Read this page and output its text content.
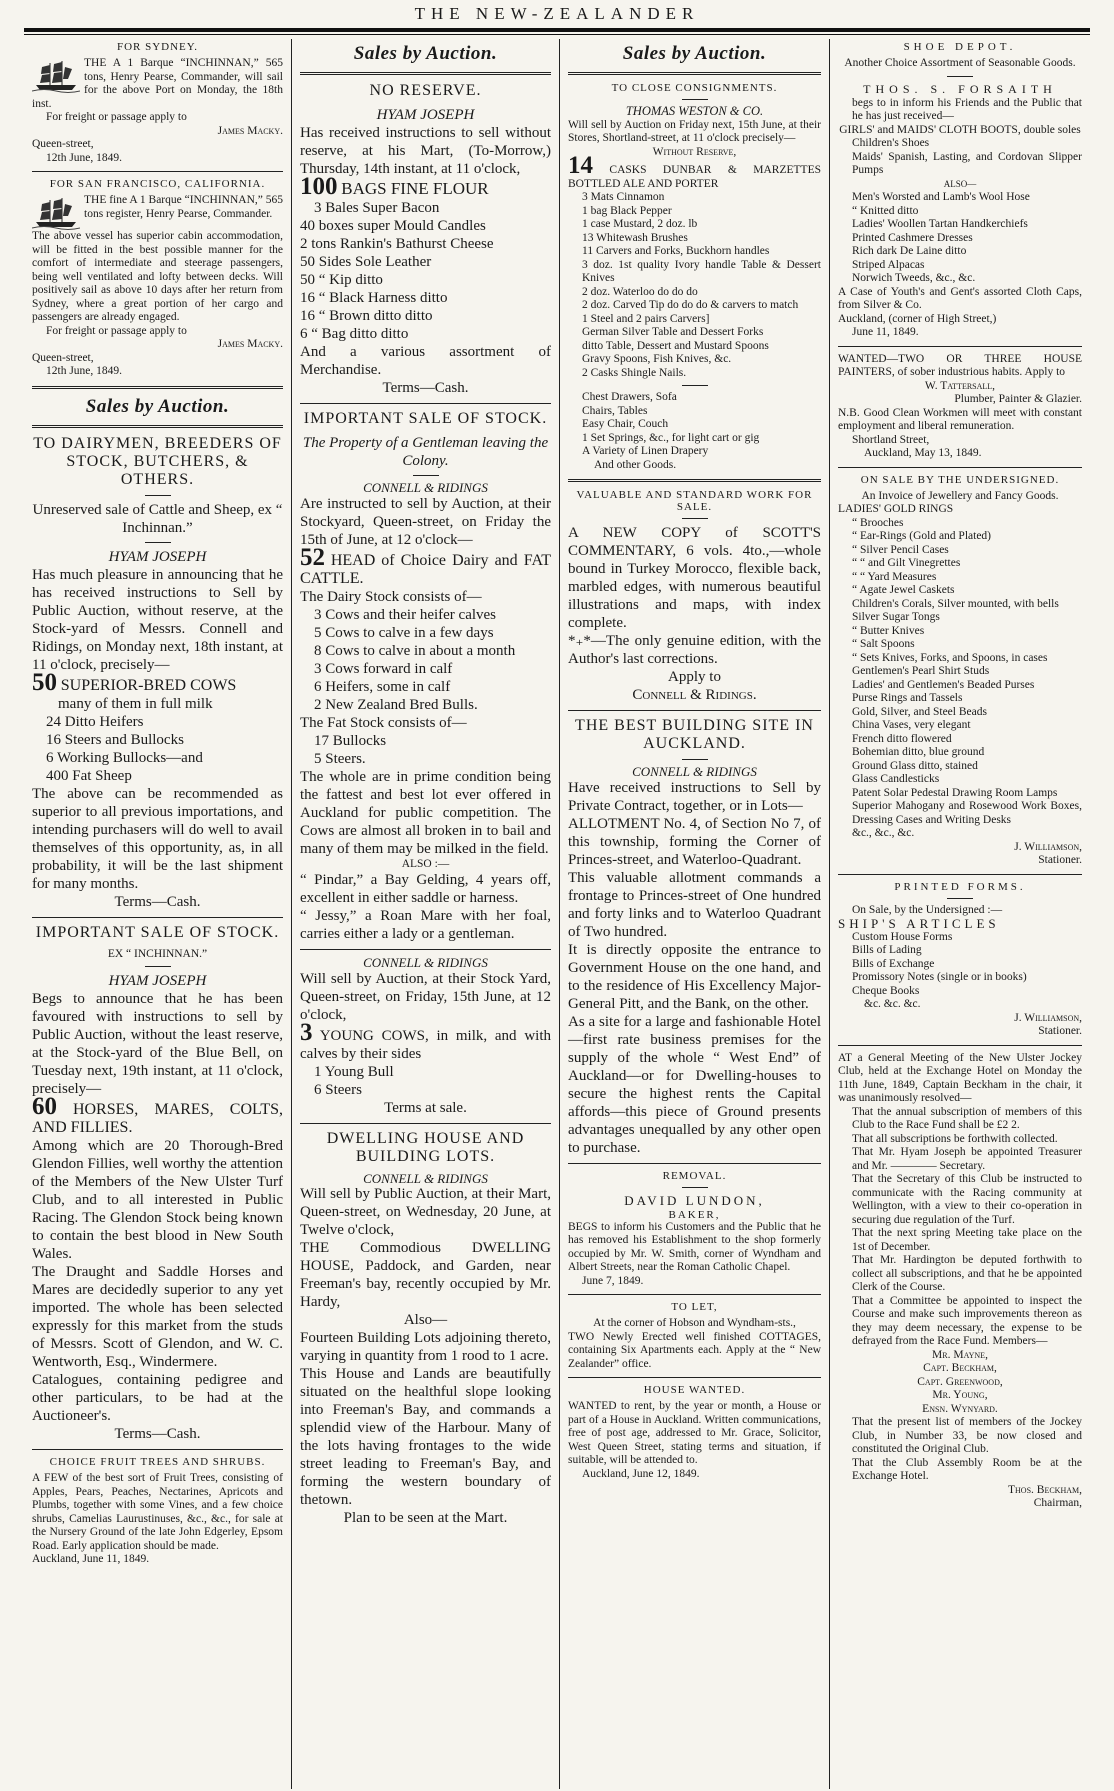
THE NEW-ZEALANDER
FOR SYDNEY.

THE A 1 Barque “INCHINNAN,” 565 tons, Henry Pearse, Commander, will sail for the above Port on Monday, the 18th inst.

For freight or passage apply to

James Macky.

Queen-street,

12th June, 1849.

FOR SAN FRANCISCO, CALIFORNIA.

THE fine A 1 Barque “INCHINNAN,” 565 tons register, Henry Pearse, Commander.

The above vessel has superior cabin accommodation, will be fitted in the best possible manner for the comfort of intermediate and steerage passengers, being well ventilated and lofty between decks. Will positively sail as above 10 days after her return from Sydney, where a great portion of her cargo and passengers are already engaged.

For freight or passage apply to

James Macky.

Queen-street,

12th June, 1849.

Sales by Auction.
TO DAIRYMEN, BREEDERS OF STOCK, BUTCHERS, & OTHERS.
Unreserved sale of Cattle and Sheep, ex “ Inchinnan.”
HYAM JOSEPH

Has much pleasure in announcing that he has received instructions to Sell by Public Auction, without reserve, at the Stock-yard of Messrs. Connell and Ridings, on Monday next, 18th instant, at 11 o'clock, precisely—

50 SUPERIOR-BRED COWS

many of them in full milk

24 Ditto Heifers

16 Steers and Bullocks

6 Working Bullocks—and

400 Fat Sheep

The above can be recommended as superior to all previous importations, and intending purchasers will do well to avail themselves of this opportunity, as, in all probability, it will be the last shipment for many months.

Terms—Cash.

IMPORTANT SALE OF STOCK.
EX “ INCHINNAN.”
HYAM JOSEPH

Begs to announce that he has been favoured with instructions to sell by Public Auction, without the least reserve, at the Stock-yard of the Blue Bell, on Tuesday next, 19th instant, at 11 o'clock, precisely—

60 HORSES, MARES, COLTS, AND FILLIES.

Among which are 20 Thorough-Bred Glendon Fillies, well worthy the attention of the Members of the New Ulster Turf Club, and to all interested in Public Racing. The Glendon Stock being known to contain the best blood in New South Wales.

The Draught and Saddle Horses and Mares are decidedly superior to any yet imported. The whole has been selected expressly for this market from the studs of Messrs. Scott of Glendon, and W. C. Wentworth, Esq., Windermere.

Catalogues, containing pedigree and other particulars, to be had at the Auctioneer's.

Terms—Cash.

CHOICE FRUIT TREES AND SHRUBS.

A FEW of the best sort of Fruit Trees, consisting of Apples, Pears, Peaches, Nectarines, Apricots and Plumbs, together with some Vines, and a few choice shrubs, Camelias Laurustinuses, &c., &c., for sale at the Nursery Ground of the late John Edgerley, Epsom Road. Early application should be made.

Auckland, June 11, 1849.

Sales by Auction.
NO RESERVE.
HYAM JOSEPH

Has received instructions to sell without reserve, at his Mart, (To-Morrow,) Thursday, 14th instant, at 11 o'clock,

100 BAGS FINE FLOUR

3 Bales Super Bacon

40 boxes super Mould Candles

2 tons Rankin's Bathurst Cheese

50 Sides Sole Leather

50 “ Kip ditto

16 “ Black Harness ditto

16 “ Brown ditto ditto

6 “ Bag ditto ditto

And a various assortment of Merchandise.

Terms—Cash.

IMPORTANT SALE OF STOCK.
The Property of a Gentleman leaving the Colony.
CONNELL & RIDINGS

Are instructed to sell by Auction, at their Stockyard, Queen-street, on Friday the 15th of June, at 12 o'clock—

52 HEAD of Choice Dairy and FAT CATTLE.

The Dairy Stock consists of—

3 Cows and their heifer calves

5 Cows to calve in a few days

8 Cows to calve in about a month

3 Cows forward in calf

6 Heifers, some in calf

2 New Zealand Bred Bulls.

The Fat Stock consists of—

17 Bullocks

5 Steers.

The whole are in prime condition being the fattest and best lot ever offered in Auckland for public competition. The Cows are almost all broken in to bail and many of them may be milked in the field.

ALSO :—

“ Pindar,” a Bay Gelding, 4 years off, excellent in either saddle or harness.

“ Jessy,” a Roan Mare with her foal, carries either a lady or a gentleman.

CONNELL & RIDINGS

Will sell by Auction, at their Stock Yard, Queen-street, on Friday, 15th June, at 12 o'clock,

3 YOUNG COWS, in milk, and with calves by their sides

1 Young Bull

6 Steers

Terms at sale.

DWELLING HOUSE AND BUILDING LOTS.
CONNELL & RIDINGS

Will sell by Public Auction, at their Mart, Queen-street, on Wednesday, 20 June, at Twelve o'clock,

THE Commodious DWELLING HOUSE, Paddock, and Garden, near Freeman's bay, recently occupied by Mr. Hardy,

Also—

Fourteen Building Lots adjoining thereto, varying in quantity from 1 rood to 1 acre.

This House and Lands are beautifully situated on the healthful slope looking into Freeman's Bay, and commands a splendid view of the Harbour. Many of the lots having frontages to the wide street leading to Freeman's Bay, and forming the western boundary of thetown.

Plan to be seen at the Mart.

Sales by Auction.
TO CLOSE CONSIGNMENTS.
THOMAS WESTON & CO.

Will sell by Auction on Friday next, 15th June, at their Stores, Shortland-street, at 11 o'clock precisely—

Without Reserve,

14 CASKS DUNBAR & MARZETTES BOTTLED ALE AND PORTER

3 Mats Cinnamon

1 bag Black Pepper

1 case Mustard, 2 doz. lb

13 Whitewash Brushes

11 Carvers and Forks, Buckhorn handles

3 doz. 1st quality Ivory handle Table & Dessert Knives

2 doz. Waterloo do do do

2 doz. Carved Tip do do do & carvers to match

1 Steel and 2 pairs Carvers]

German Silver Table and Dessert Forks

ditto Table, Dessert and Mustard Spoons

Gravy Spoons, Fish Knives, &c.

2 Casks Shingle Nails.

Chest Drawers, Sofa

Chairs, Tables

Easy Chair, Couch

1 Set Springs, &c., for light cart or gig

A Variety of Linen Drapery

And other Goods.

VALUABLE AND STANDARD WORK FOR SALE.

A NEW COPY of SCOTT'S COMMENTARY, 6 vols. 4to.,—whole bound in Turkey Morocco, flexible back, marbled edges, with numerous beautiful illustrations and maps, with index complete.

*₊*—The only genuine edition, with the Author's last corrections.

Apply to

Connell & Ridings.

THE BEST BUILDING SITE IN AUCKLAND.
CONNELL & RIDINGS

Have received instructions to Sell by Private Contract, together, or in Lots—

ALLOTMENT No. 4, of Section No 7, of this township, forming the Corner of Princes-street, and Waterloo-Quadrant.

This valuable allotment commands a frontage to Princes-street of One hundred and forty links and to Waterloo Quadrant of Two hundred.

It is directly opposite the entrance to Government House on the one hand, and to the residence of His Excellency Major-General Pitt, and the Bank, on the other.

As a site for a large and fashionable Hotel—first rate business premises for the supply of the whole “ West End” of Auckland—or for Dwelling-houses to secure the highest rents the Capital affords—this piece of Ground presents advantages unequalled by any other open to purchase.

REMOVAL.
DAVID LUNDON,
BAKER,

BEGS to inform his Customers and the Public that he has removed his Establishment to the shop formerly occupied by Mr. W. Smith, corner of Wyndham and Albert Streets, near the Roman Catholic Chapel.

June 7, 1849.

TO LET,
At the corner of Hobson and Wyndham-sts.,

TWO Newly Erected well finished COTTAGES, containing Six Apartments each. Apply at the “ New Zealander” office.

HOUSE WANTED.

WANTED to rent, by the year or month, a House or part of a House in Auckland. Written communications, free of post age, addressed to Mr. Grace, Solicitor, West Queen Street, stating terms and situation, if suitable, will be attended to.

Auckland, June 12, 1849.

SHOE DEPOT.
Another Choice Assortment of Seasonable Goods.
THOS. S. FORSAITH

begs to in inform his Friends and the Public that he has just received—

GIRLS' and MAIDS' CLOTH BOOTS, double soles

Children's Shoes

Maids' Spanish, Lasting, and Cordovan Slipper Pumps

ALSO—

Men's Worsted and Lamb's Wool Hose

“ Knitted ditto

Ladies' Woollen Tartan Handkerchiefs

Printed Cashmere Dresses

Rich dark De Laine ditto

Striped Alpacas

Norwich Tweeds, &c., &c.

A Case of Youth's and Gent's assorted Cloth Caps, from Silver & Co.

Auckland, (corner of High Street,)

June 11, 1849.

WANTED—TWO OR THREE HOUSE PAINTERS, of sober industrious habits. Apply to

W. Tattersall,

Plumber, Painter & Glazier.

N.B. Good Clean Workmen will meet with constant employment and liberal remuneration.

Shortland Street,

Auckland, May 13, 1849.

ON SALE BY THE UNDERSIGNED.
An Invoice of Jewellery and Fancy Goods.

LADIES' GOLD RINGS

“ Brooches

“ Ear-Rings (Gold and Plated)

“ Silver Pencil Cases

“ “ and Gilt Vinegrettes

“ “ Yard Measures

“ Agate Jewel Caskets

Children's Corals, Silver mounted, with bells

Silver Sugar Tongs

“ Butter Knives

“ Salt Spoons

“ Sets Knives, Forks, and Spoons, in cases

Gentlemen's Pearl Shirt Studs

Ladies' and Gentlemen's Beaded Purses

Purse Rings and Tassels

Gold, Silver, and Steel Beads

China Vases, very elegant

French ditto flowered

Bohemian ditto, blue ground

Ground Glass ditto, stained

Glass Candlesticks

Patent Solar Pedestal Drawing Room Lamps

Superior Mahogany and Rosewood Work Boxes, Dressing Cases and Writing Desks

&c., &c., &c.

J. Williamson,

Stationer.

PRINTED FORMS.

On Sale, by the Undersigned :—

SHIP'S ARTICLES

Custom House Forms

Bills of Lading

Bills of Exchange

Promissory Notes (single or in books)

Cheque Books

&c. &c. &c.

J. Williamson,

Stationer.

AT a General Meeting of the New Ulster Jockey Club, held at the Exchange Hotel on Monday the 11th June, 1849, Captain Beckham in the chair, it was unanimously resolved—

That the annual subscription of members of this Club to the Race Fund shall be £2 2.

That all subscriptions be forthwith collected.

That Mr. Hyam Joseph be appointed Treasurer and Mr. ———— Secretary.

That the Secretary of this Club be instructed to communicate with the Racing community at Wellington, with a view to their co-operation in securing due regulation of the Turf.

That the next spring Meeting take place on the 1st of December.

That Mr. Hardington be deputed forthwith to collect all subscriptions, and that he be appointed Clerk of the Course.

That a Committee be appointed to inspect the Course and make such improvements thereon as they may deem necessary, the expense to be defrayed from the Race Fund. Members—

Mr. Mayne,

Capt. Beckham,

Capt. Greenwood,

Mr. Young,

Ensn. Wynyard.

That the present list of members of the Jockey Club, in Number 33, be now closed and constituted the Original Club.

That the Club Assembly Room be at the Exchange Hotel.

Thos. Beckham,

Chairman,
